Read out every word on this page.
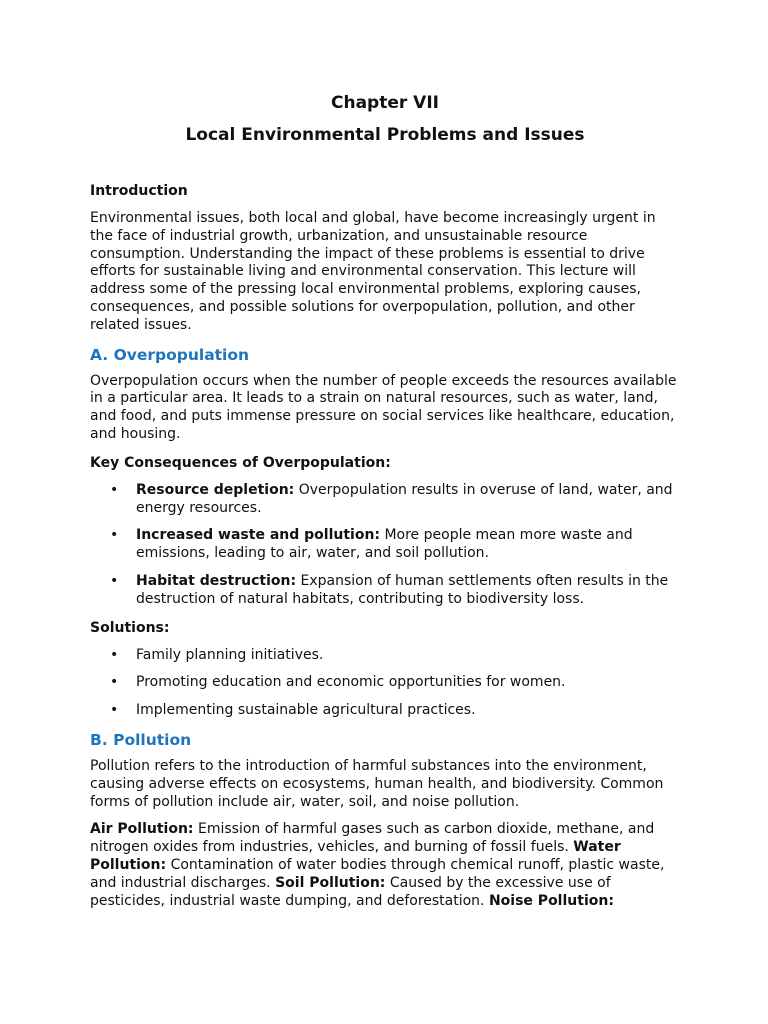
Chapter VII
Local Environmental Problems and Issues
Introduction

Environmental issues, both local and global, have become increasingly urgent in the face of industrial growth, urbanization, and unsustainable resource consumption. Understanding the impact of these problems is essential to drive efforts for sustainable living and environmental conservation. This lecture will address some of the pressing local environmental problems, exploring causes, consequences, and possible solutions for overpopulation, pollution, and other related issues.

A. Overpopulation

Overpopulation occurs when the number of people exceeds the resources available in a particular area. It leads to a strain on natural resources, such as water, land, and food, and puts immense pressure on social services like healthcare, education, and housing.

Key Consequences of Overpopulation:
• Resource depletion: Overpopulation results in overuse of land, water, and energy resources.
• Increased waste and pollution: More people mean more waste and emissions, leading to air, water, and soil pollution.
• Habitat destruction: Expansion of human settlements often results in the destruction of natural habitats, contributing to biodiversity loss.
Solutions:
• Family planning initiatives.
• Promoting education and economic opportunities for women.
• Implementing sustainable agricultural practices.
B. Pollution

Pollution refers to the introduction of harmful substances into the environment, causing adverse effects on ecosystems, human health, and biodiversity. Common forms of pollution include air, water, soil, and noise pollution.

Air Pollution: Emission of harmful gases such as carbon dioxide, methane, and nitrogen oxides from industries, vehicles, and burning of fossil fuels. Water Pollution: Contamination of water bodies through chemical runoff, plastic waste, and industrial discharges. Soil Pollution: Caused by the excessive use of pesticides, industrial waste dumping, and deforestation. Noise Pollution:
